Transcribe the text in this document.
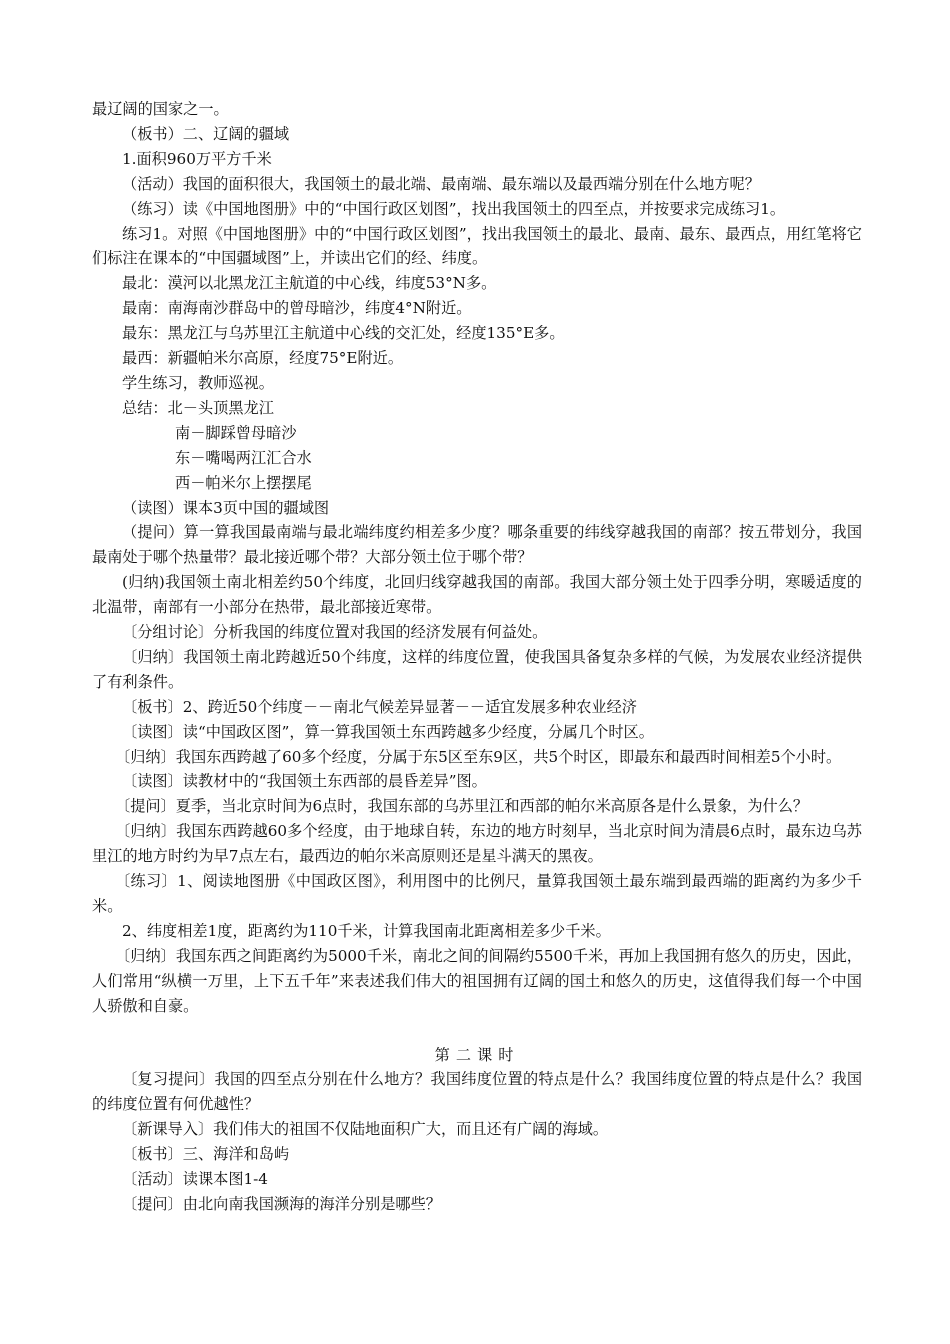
最辽阔的国家之一。

（板书）二、辽阔的疆域

1.面积960万平方千米

（活动）我国的面积很大，我国领土的最北端、最南端、最东端以及最西端分别在什么地方呢？

（练习）读《中国地图册》中的“中国行政区划图”，找出我国领土的四至点，并按要求完成练习1。

练习1。对照《中国地图册》中的“中国行政区划图”，找出我国领土的最北、最南、最东、最西点，用红笔将它们标注在课本的“中国疆域图”上，并读出它们的经、纬度。

最北：漠河以北黑龙江主航道的中心线，纬度53°N多。

最南：南海南沙群岛中的曾母暗沙，纬度4°N附近。

最东：黑龙江与乌苏里江主航道中心线的交汇处，经度135°E多。

最西：新疆帕米尔高原，经度75°E附近。

学生练习，教师巡视。

总结：北－头顶黑龙江

南－脚踩曾母暗沙

东－嘴喝两江汇合水

西－帕米尔上摆摆尾

（读图）课本3页中国的疆域图

（提问）算一算我国最南端与最北端纬度约相差多少度？哪条重要的纬线穿越我国的南部？按五带划分，我国最南处于哪个热量带？最北接近哪个带？大部分领土位于哪个带？

(归纳)我国领土南北相差约50个纬度，北回归线穿越我国的南部。我国大部分领土处于四季分明，寒暖适度的北温带，南部有一小部分在热带，最北部接近寒带。

〔分组讨论〕分析我国的纬度位置对我国的经济发展有何益处。

〔归纳〕我国领土南北跨越近50个纬度，这样的纬度位置，使我国具备复杂多样的气候，为发展农业经济提供了有利条件。

〔板书〕2、跨近50个纬度－－南北气候差异显著－－适宜发展多种农业经济

〔读图〕读“中国政区图”，算一算我国领土东西跨越多少经度，分属几个时区。

〔归纳〕我国东西跨越了60多个经度，分属于东5区至东9区，共5个时区，即最东和最西时间相差5个小时。

〔读图〕读教材中的“我国领土东西部的晨昏差异”图。

〔提问〕夏季，当北京时间为6点时，我国东部的乌苏里江和西部的帕尔米高原各是什么景象，为什么？

〔归纳〕我国东西跨越60多个经度，由于地球自转，东边的地方时刻早，当北京时间为清晨6点时，最东边乌苏里江的地方时约为早7点左右，最西边的帕尔米高原则还是星斗满天的黑夜。

〔练习〕1、阅读地图册《中国政区图》，利用图中的比例尺，量算我国领土最东端到最西端的距离约为多少千米。

2、纬度相差1度，距离约为110千米，计算我国南北距离相差多少千米。

〔归纳〕我国东西之间距离约为5000千米，南北之间的间隔约5500千米，再加上我国拥有悠久的历史，因此，人们常用“纵横一万里，上下五千年”来表述我们伟大的祖国拥有辽阔的国土和悠久的历史，这值得我们每一个中国人骄傲和自豪。

第二课时

〔复习提问〕我国的四至点分别在什么地方？我国纬度位置的特点是什么？我国纬度位置的特点是什么？我国的纬度位置有何优越性？

〔新课导入〕我们伟大的祖国不仅陆地面积广大，而且还有广阔的海域。

〔板书〕三、海洋和岛屿

〔活动〕读课本图1-4

〔提问〕由北向南我国濒海的海洋分别是哪些？
